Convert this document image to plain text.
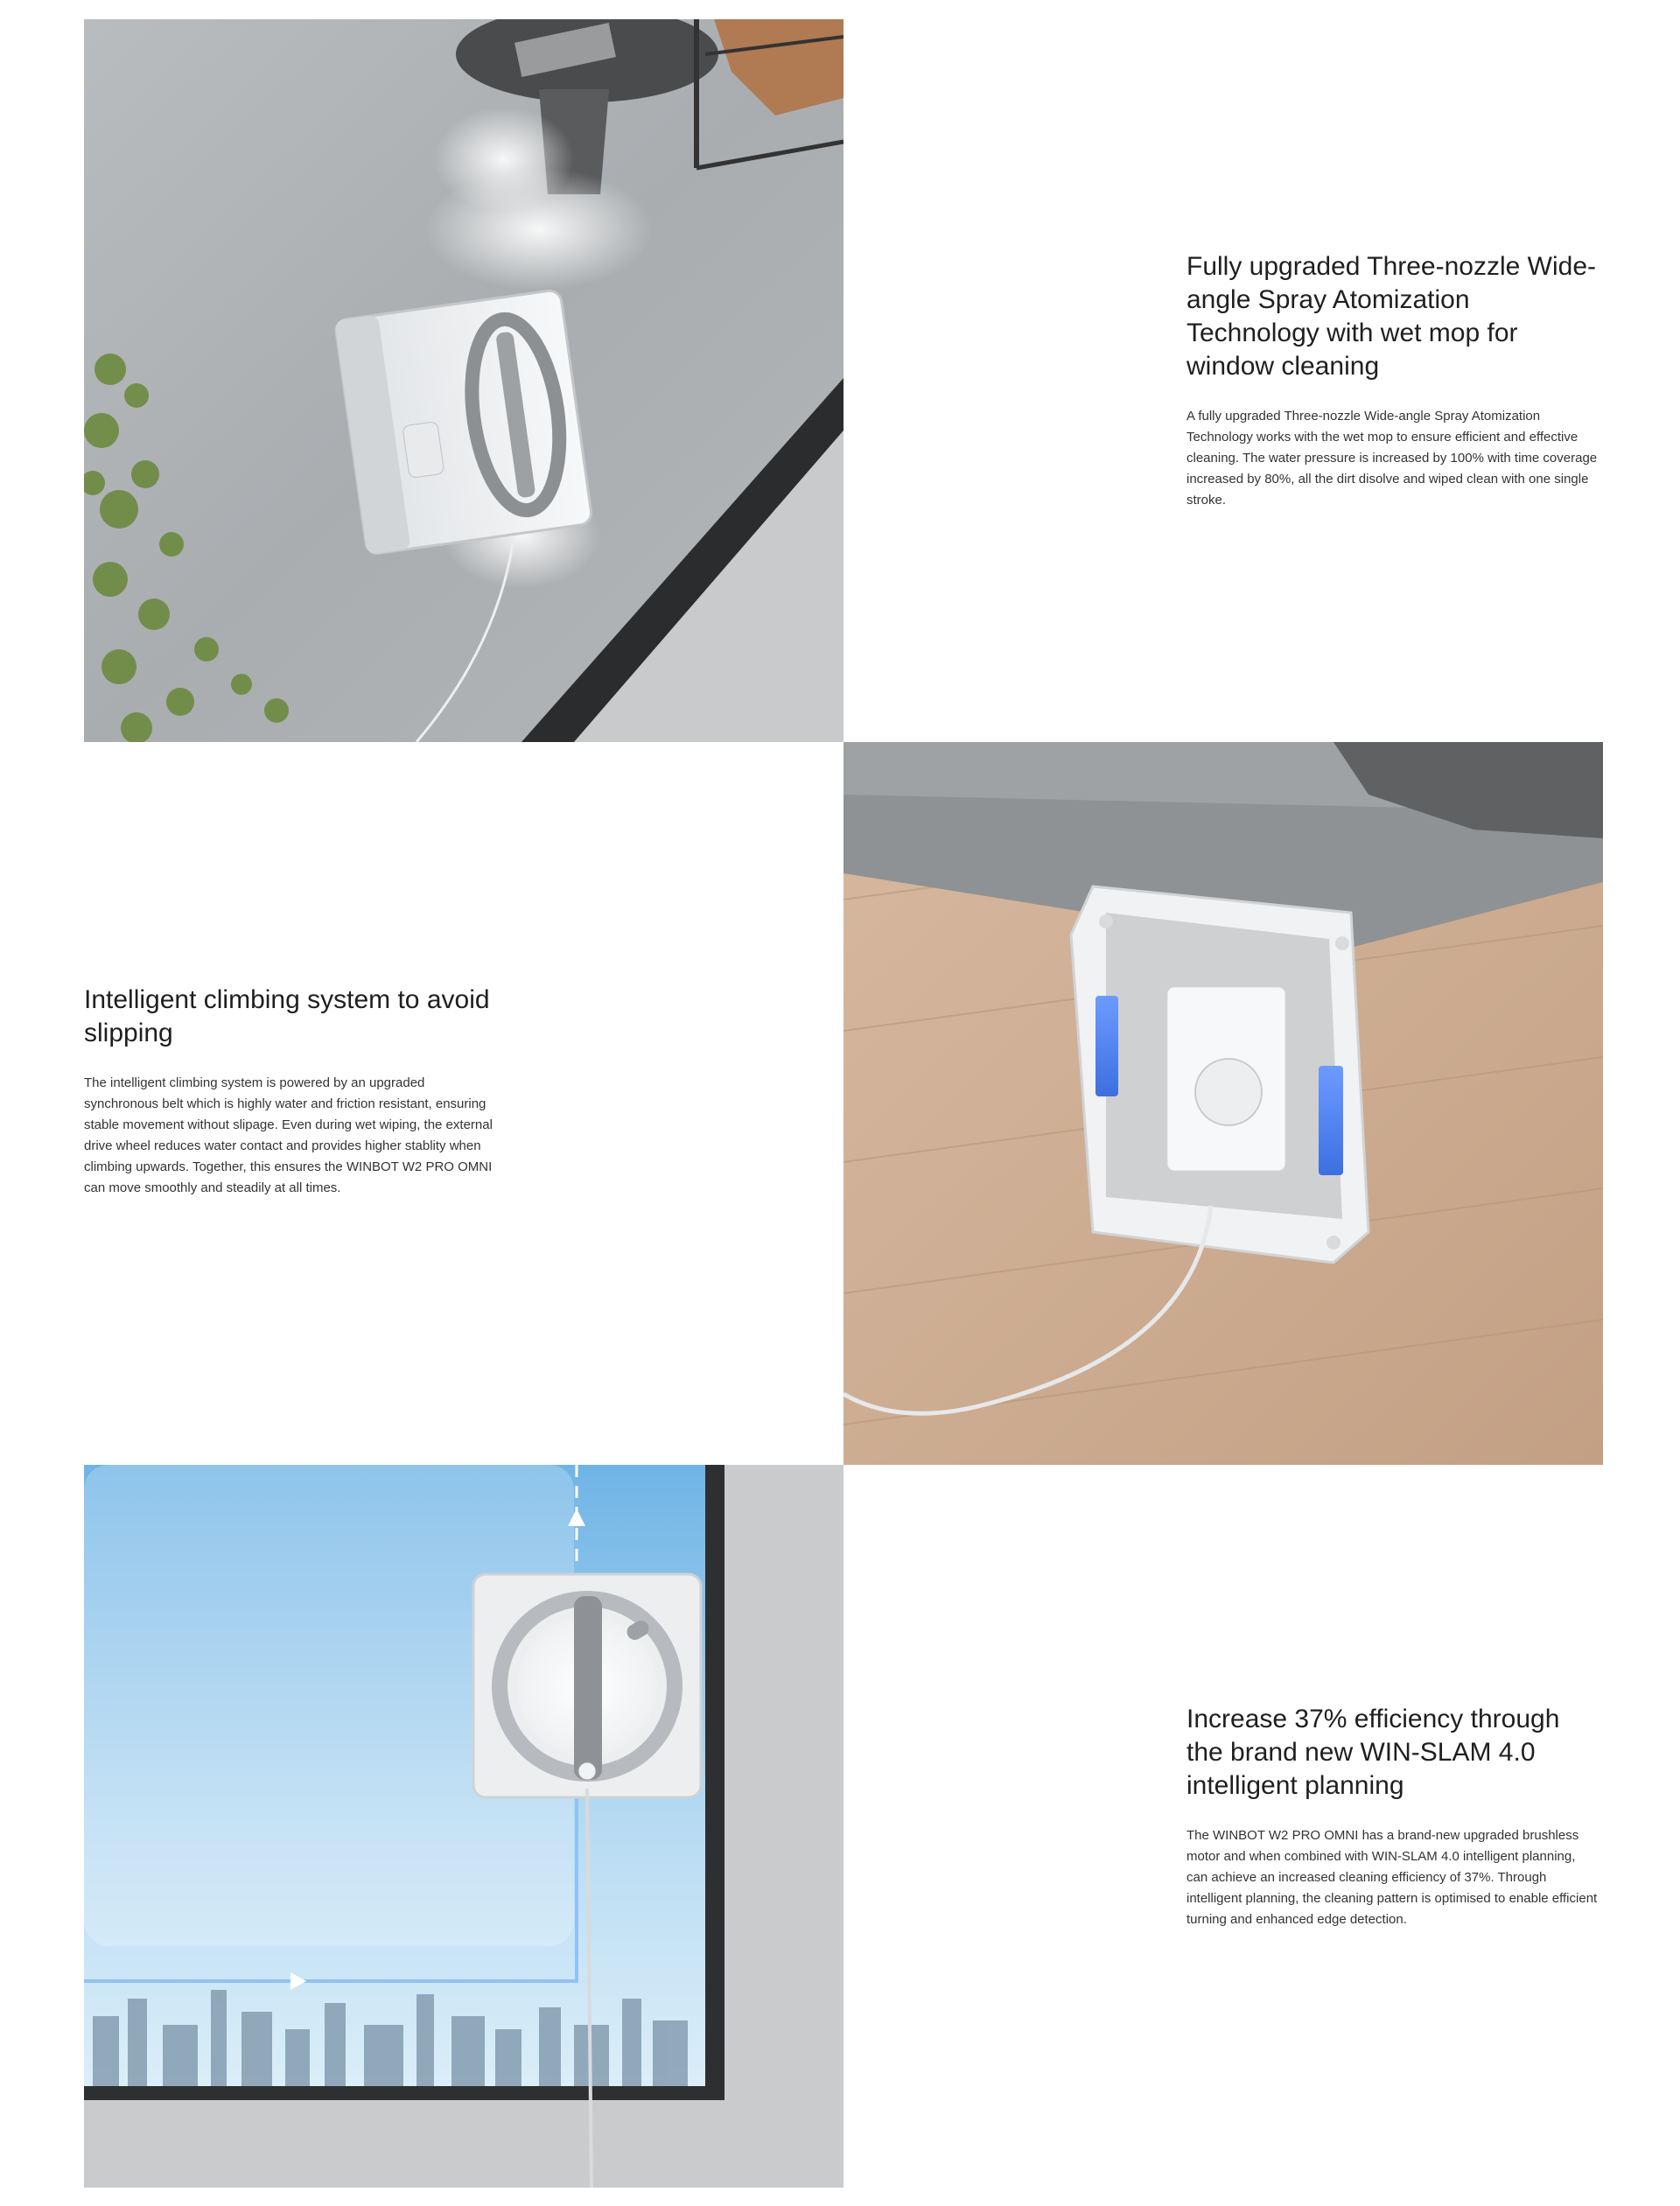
Fully upgraded Three-nozzle Wide-angle Spray Atomization Technology with wet mop for window cleaning

A fully upgraded Three-nozzle Wide-angle Spray Atomization Technology works with the wet mop to ensure efficient and effective cleaning. The water pressure is increased by 100% with time coverage increased by 80%, all the dirt disolve and wiped clean with one single stroke.

Intelligent climbing system to avoid slipping

The intelligent climbing system is powered by an upgraded synchronous belt which is highly water and friction resistant, ensuring stable movement without slipage. Even during wet wiping, the external drive wheel reduces water contact and provides higher stablity when climbing upwards. Together, this ensures the WINBOT W2 PRO OMNI can move smoothly and steadily at all times.

Increase 37% efficiency through the brand new WIN-SLAM 4.0 intelligent planning

The WINBOT W2 PRO OMNI has a brand-new upgraded brushless motor and when combined with WIN-SLAM 4.0 intelligent planning, can achieve an increased cleaning efficiency of 37%. Through intelligent planning, the cleaning pattern is optimised to enable efficient turning and enhanced edge detection.
